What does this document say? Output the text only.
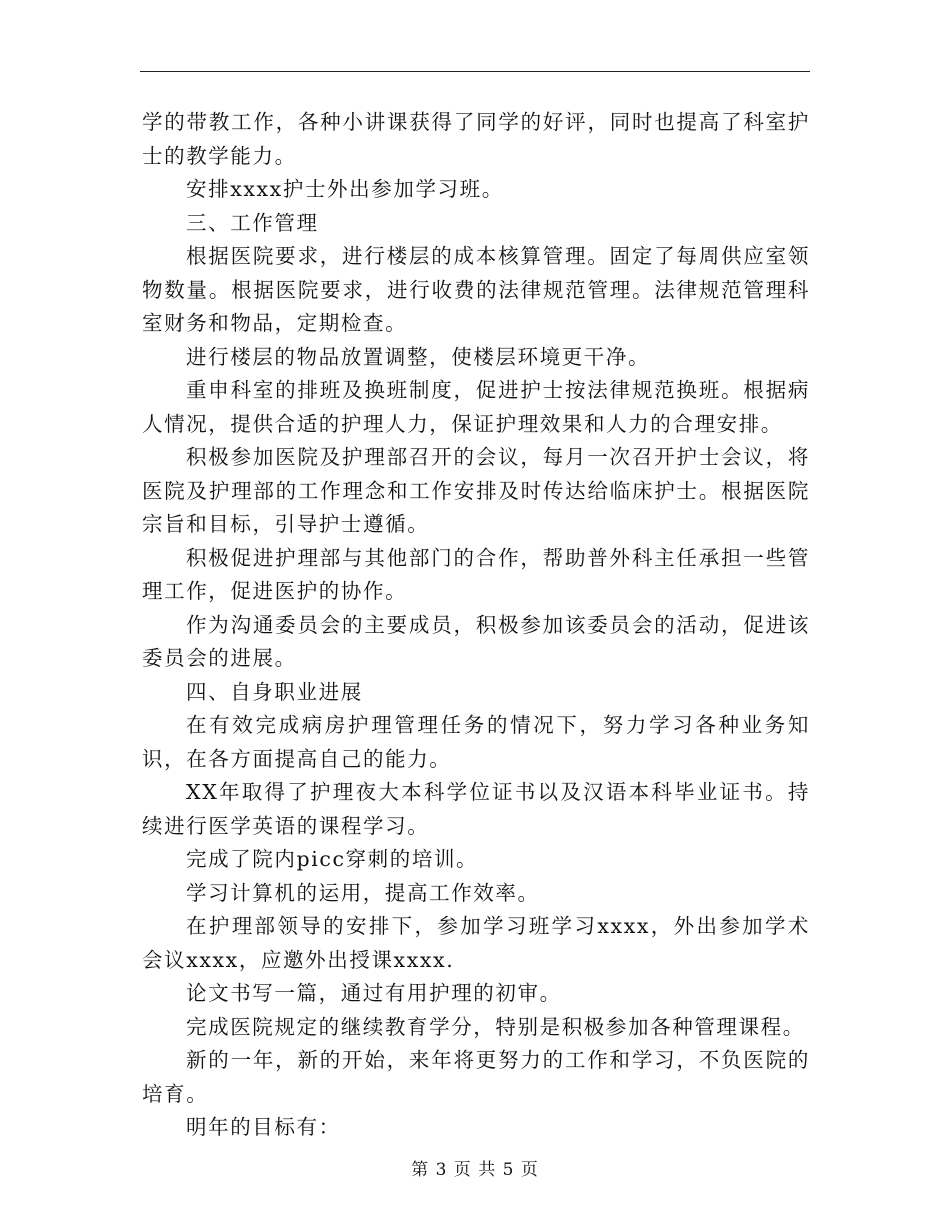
学的带教工作，各种小讲课获得了同学的好评，同时也提高了科室护士的教学能力。

安排xxxx护士外出参加学习班。

三、工作管理

根据医院要求，进行楼层的成本核算管理。固定了每周供应室领物数量。根据医院要求，进行收费的法律规范管理。法律规范管理科室财务和物品，定期检查。

进行楼层的物品放置调整，使楼层环境更干净。

重申科室的排班及换班制度，促进护士按法律规范换班。根据病人情况，提供合适的护理人力，保证护理效果和人力的合理安排。

积极参加医院及护理部召开的会议，每月一次召开护士会议，将医院及护理部的工作理念和工作安排及时传达给临床护士。根据医院宗旨和目标，引导护士遵循。

积极促进护理部与其他部门的合作，帮助普外科主任承担一些管理工作，促进医护的协作。

作为沟通委员会的主要成员，积极参加该委员会的活动，促进该委员会的进展。

四、自身职业进展

在有效完成病房护理管理任务的情况下，努力学习各种业务知识，在各方面提高自己的能力。

XX年取得了护理夜大本科学位证书以及汉语本科毕业证书。持续进行医学英语的课程学习。

完成了院内picc穿刺的培训。

学习计算机的运用，提高工作效率。

在护理部领导的安排下，参加学习班学习xxxx，外出参加学术会议xxxx，应邀外出授课xxxx.

论文书写一篇，通过有用护理的初审。

完成医院规定的继续教育学分，特别是积极参加各种管理课程。

新的一年，新的开始，来年将更努力的工作和学习，不负医院的培育。

明年的目标有：

第 3 页 共 5 页
